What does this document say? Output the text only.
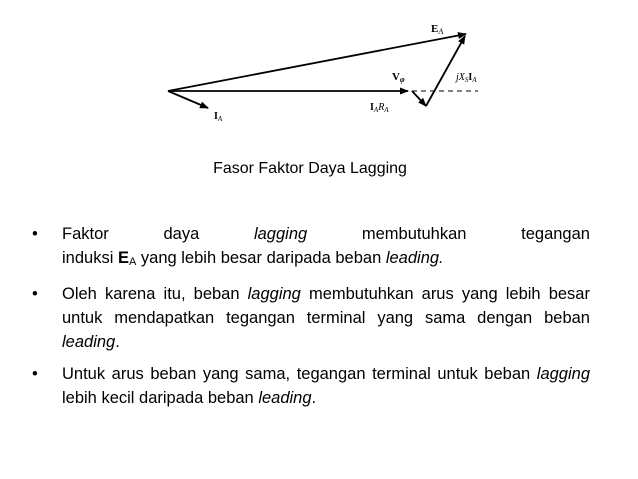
EA
Vφ	$jX_SI_A$
$I_AR_A$
$I_A$
Fasor Faktor Daya Lagging
• Faktor	daya	lagging	membutuhkan	tegangan
induksi $E_A$ yang lebih besar daripada beban leading.
• Oleh karena itu, beban lagging membutuhkan arus yang lebih besar untuk mendapatkan tegangan terminal yang sama dengan beban leading.
• Untuk arus beban yang sama, tegangan terminal untuk beban lagging lebih kecil daripada beban leading.
